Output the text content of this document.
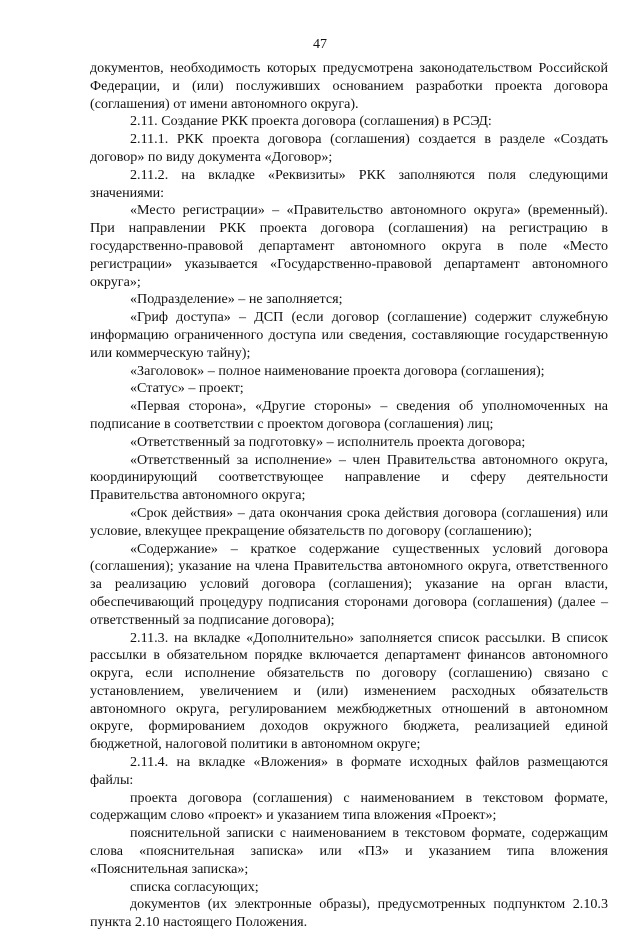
47

документов, необходимость которых предусмотрена законодательством Российской Федерации, и (или) послуживших основанием разработки проекта договора (соглашения) от имени автономного округа).

2.11. Создание РКК проекта договора (соглашения) в РСЭД:

2.11.1. РКК проекта договора (соглашения) создается в разделе «Создать договор» по виду документа «Договор»;

2.11.2. на вкладке «Реквизиты» РКК заполняются поля следующими значениями:

«Место регистрации» – «Правительство автономного округа» (временный). При направлении РКК проекта договора (соглашения) на регистрацию в государственно-правовой департамент автономного округа в поле «Место регистрации» указывается «Государственно-правовой департамент автономного округа»;

«Подразделение» – не заполняется;

«Гриф доступа» – ДСП (если договор (соглашение) содержит служебную информацию ограниченного доступа или сведения, составляющие государственную или коммерческую тайну);

«Заголовок» – полное наименование проекта договора (соглашения);

«Статус» – проект;

«Первая сторона», «Другие стороны» – сведения об уполномоченных на подписание в соответствии с проектом договора (соглашения) лиц;

«Ответственный за подготовку» – исполнитель проекта договора;

«Ответственный за исполнение» – член Правительства автономного округа, координирующий соответствующее направление и сферу деятельности Правительства автономного округа;

«Срок действия» – дата окончания срока действия договора (соглашения) или условие, влекущее прекращение обязательств по договору (соглашению);

«Содержание» – краткое содержание существенных условий договора (соглашения); указание на члена Правительства автономного округа, ответственного за реализацию условий договора (соглашения); указание на орган власти, обеспечивающий процедуру подписания сторонами договора (соглашения) (далее – ответственный за подписание договора);

2.11.3. на вкладке «Дополнительно» заполняется список рассылки. В список рассылки в обязательном порядке включается департамент финансов автономного округа, если исполнение обязательств по договору (соглашению) связано с установлением, увеличением и (или) изменением расходных обязательств автономного округа, регулированием межбюджетных отношений в автономном округе, формированием доходов окружного бюджета, реализацией единой бюджетной, налоговой политики в автономном округе;

2.11.4. на вкладке «Вложения» в формате исходных файлов размещаются файлы:

проекта договора (соглашения) с наименованием в текстовом формате, содержащим слово «проект» и указанием типа вложения «Проект»;

пояснительной записки с наименованием в текстовом формате, содержащим слова «пояснительная записка» или «ПЗ» и указанием типа вложения «Пояснительная записка»;

списка согласующих;

документов (их электронные образы), предусмотренных подпунктом 2.10.3 пункта 2.10 настоящего Положения.
